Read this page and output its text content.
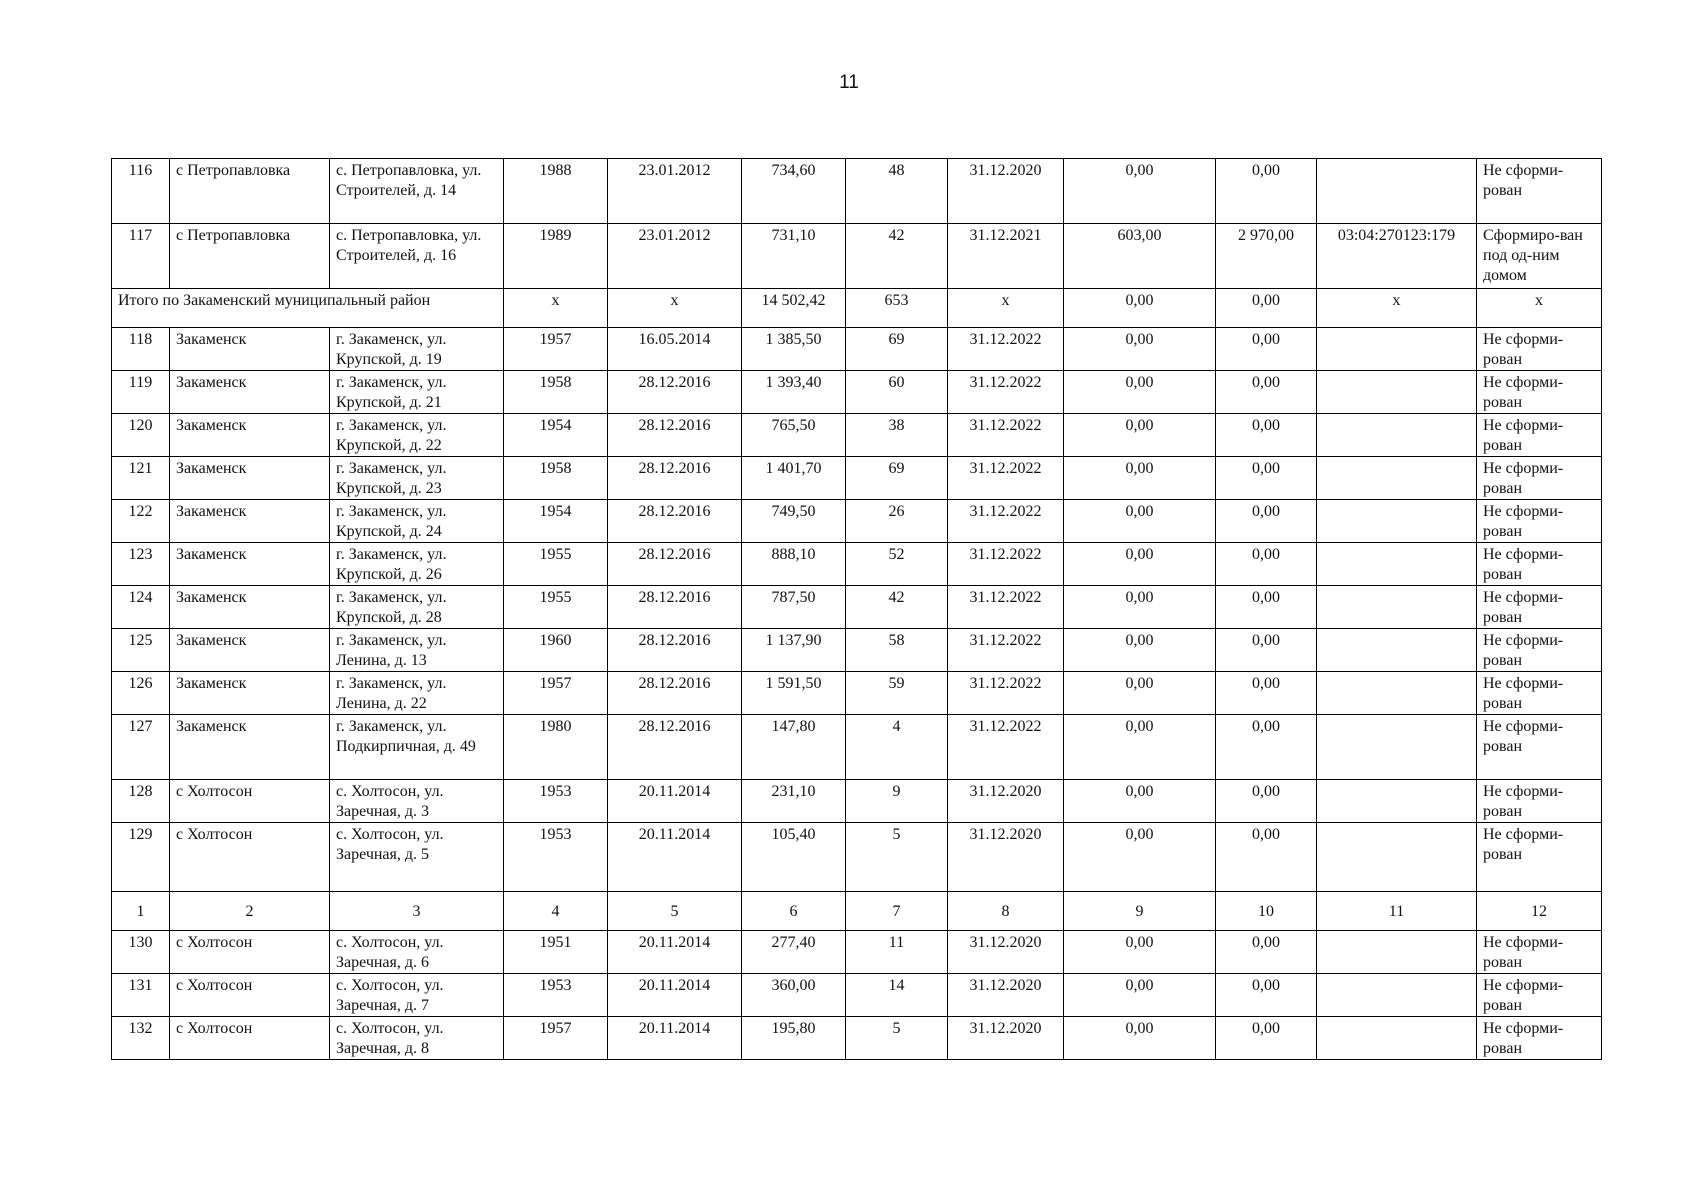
11
116	с Петропавловка	с. Петропавловка, ул. Строителей, д. 14	1988	23.01.2012	734,60	48	31.12.2020	0,00	0,00		Не сформи-рован
117	с Петропавловка	с. Петропавловка, ул. Строителей, д. 16	1989	23.01.2012	731,10	42	31.12.2021	603,00	2 970,00	03:04:270123:179	Сформиро-ван под од-ним домом
Итого по Закаменский муниципальный район			х	х	14 502,42	653	х	0,00	0,00	х	х
118	Закаменск	г. Закаменск, ул. Крупской, д. 19	1957	16.05.2014	1 385,50	69	31.12.2022	0,00	0,00		Не сформи-рован
119	Закаменск	г. Закаменск, ул. Крупской, д. 21	1958	28.12.2016	1 393,40	60	31.12.2022	0,00	0,00		Не сформи-рован
120	Закаменск	г. Закаменск, ул. Крупской, д. 22	1954	28.12.2016	765,50	38	31.12.2022	0,00	0,00		Не сформи-рован
121	Закаменск	г. Закаменск, ул. Крупской, д. 23	1958	28.12.2016	1 401,70	69	31.12.2022	0,00	0,00		Не сформи-рован
122	Закаменск	г. Закаменск, ул. Крупской, д. 24	1954	28.12.2016	749,50	26	31.12.2022	0,00	0,00		Не сформи-рован
123	Закаменск	г. Закаменск, ул. Крупской, д. 26	1955	28.12.2016	888,10	52	31.12.2022	0,00	0,00		Не сформи-рован
124	Закаменск	г. Закаменск, ул. Крупской, д. 28	1955	28.12.2016	787,50	42	31.12.2022	0,00	0,00		Не сформи-рован
125	Закаменск	г. Закаменск, ул. Ленина, д. 13	1960	28.12.2016	1 137,90	58	31.12.2022	0,00	0,00		Не сформи-рован
126	Закаменск	г. Закаменск, ул. Ленина, д. 22	1957	28.12.2016	1 591,50	59	31.12.2022	0,00	0,00		Не сформи-рован
127	Закаменск	г. Закаменск, ул. Подкирпичная, д. 49	1980	28.12.2016	147,80	4	31.12.2022	0,00	0,00		Не сформи-рован
128	с Холтосон	с. Холтосон, ул. Заречная, д. 3	1953	20.11.2014	231,10	9	31.12.2020	0,00	0,00		Не сформи-рован
129	с Холтосон	с. Холтосон, ул. Заречная, д. 5	1953	20.11.2014	105,40	5	31.12.2020	0,00	0,00		Не сформи-рован
1	2	3	4	5	6	7	8	9	10	11	12
130	с Холтосон	с. Холтосон, ул. Заречная, д. 6	1951	20.11.2014	277,40	11	31.12.2020	0,00	0,00		Не сформи-рован
131	с Холтосон	с. Холтосон, ул. Заречная, д. 7	1953	20.11.2014	360,00	14	31.12.2020	0,00	0,00		Не сформи-рован
132	с Холтосон	с. Холтосон, ул. Заречная, д. 8	1957	20.11.2014	195,80	5	31.12.2020	0,00	0,00		Не сформи-рован
